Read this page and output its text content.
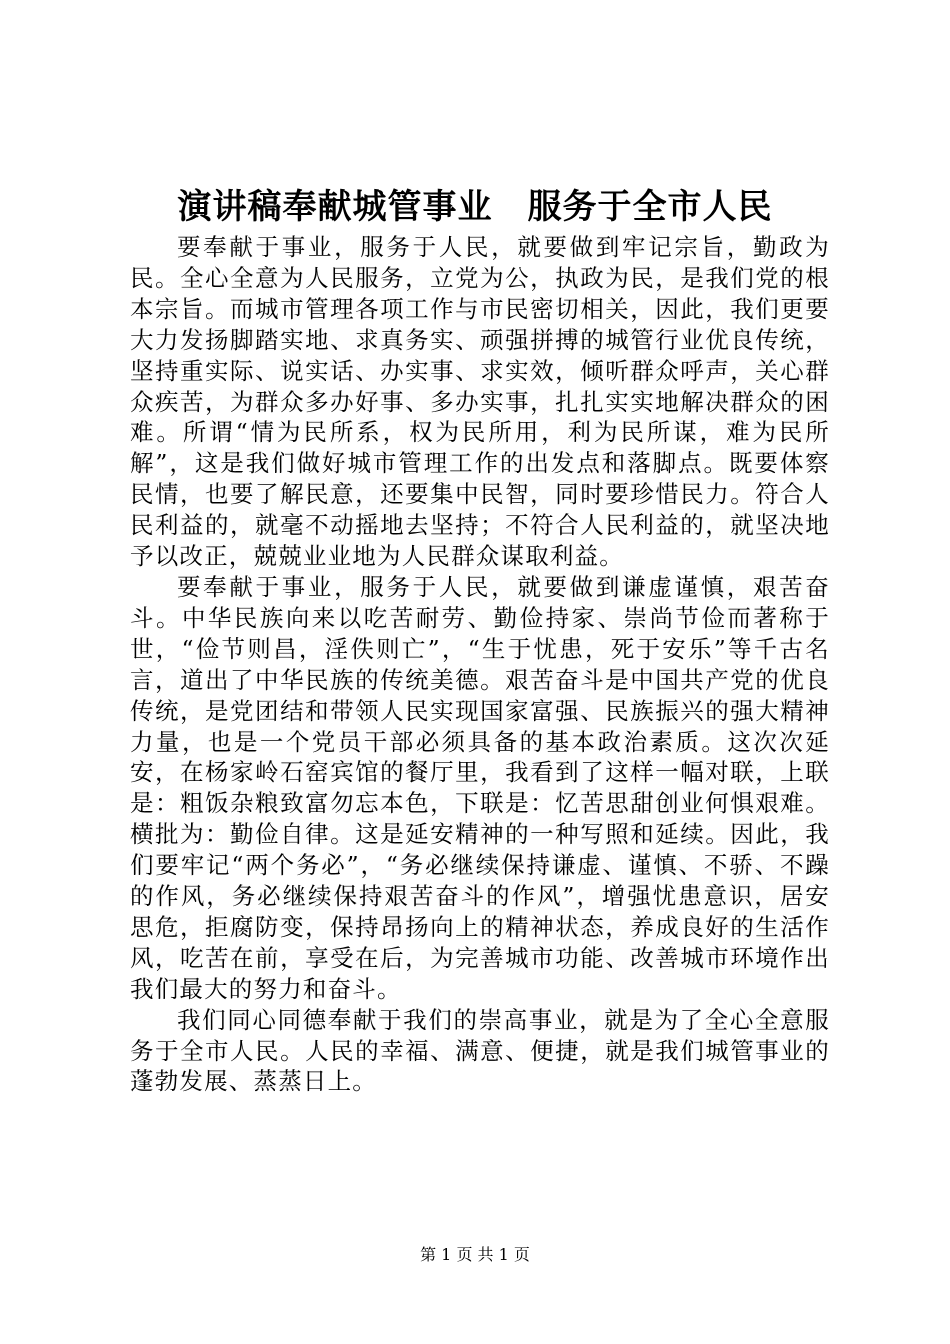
演讲稿奉献城管事业　服务于全市人民

要奉献于事业，服务于人民，就要做到牢记宗旨，勤政为民。全心全意为人民服务，立党为公，执政为民，是我们党的根本宗旨。而城市管理各项工作与市民密切相关，因此，我们更要大力发扬脚踏实地、求真务实、顽强拼搏的城管行业优良传统，坚持重实际、说实话、办实事、求实效，倾听群众呼声，关心群众疾苦，为群众多办好事、多办实事，扎扎实实地解决群众的困难。所谓“情为民所系，权为民所用，利为民所谋，难为民所解”，这是我们做好城市管理工作的出发点和落脚点。既要体察民情，也要了解民意，还要集中民智，同时要珍惜民力。符合人民利益的，就毫不动摇地去坚持；不符合人民利益的，就坚决地予以改正，兢兢业业地为人民群众谋取利益。

要奉献于事业，服务于人民，就要做到谦虚谨慎，艰苦奋斗。中华民族向来以吃苦耐劳、勤俭持家、崇尚节俭而著称于世，“俭节则昌，淫佚则亡”，“生于忧患，死于安乐”等千古名言，道出了中华民族的传统美德。艰苦奋斗是中国共产党的优良传统，是党团结和带领人民实现国家富强、民族振兴的强大精神力量，也是一个党员干部必须具备的基本政治素质。这次次延安，在杨家岭石窑宾馆的餐厅里，我看到了这样一幅对联，上联是：粗饭杂粮致富勿忘本色，下联是：忆苦思甜创业何惧艰难。横批为：勤俭自律。这是延安精神的一种写照和延续。因此，我们要牢记“两个务必”，“务必继续保持谦虚、谨慎、不骄、不躁的作风，务必继续保持艰苦奋斗的作风”，增强忧患意识，居安思危，拒腐防变，保持昂扬向上的精神状态，养成良好的生活作风，吃苦在前，享受在后，为完善城市功能、改善城市环境作出我们最大的努力和奋斗。

我们同心同德奉献于我们的崇高事业，就是为了全心全意服务于全市人民。人民的幸福、满意、便捷，就是我们城管事业的蓬勃发展、蒸蒸日上。

第 1 页 共 1 页
